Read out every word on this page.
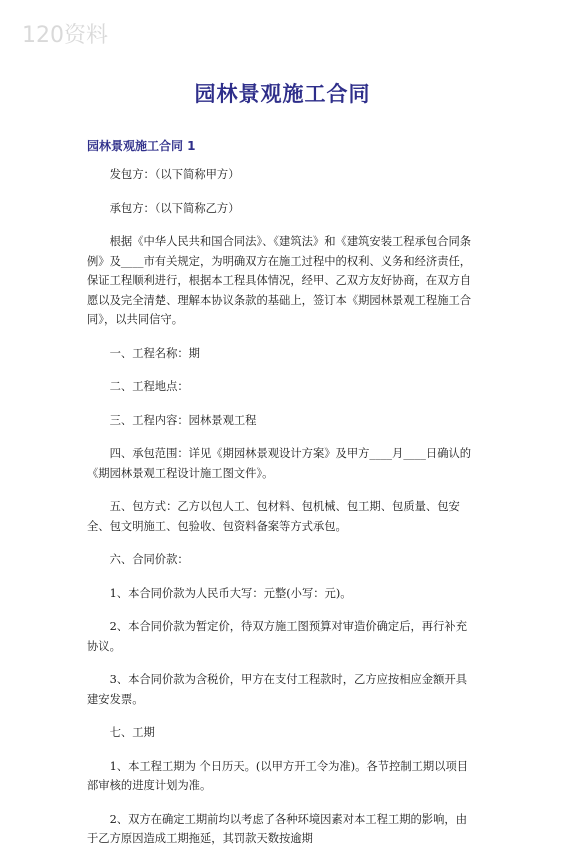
120资料
园林景观施工合同
园林景观施工合同 1

发包方：（以下简称甲方）

承包方：（以下简称乙方）

根据《中华人民共和国合同法》、《建筑法》和《建筑安装工程承包合同条例》及____市有关规定，为明确双方在施工过程中的权利、义务和经济责任，保证工程顺利进行，根据本工程具体情况，经甲、乙双方友好协商，在双方自愿以及完全清楚、理解本协议条款的基础上，签订本《期园林景观工程施工合同》，以共同信守。

一、工程名称：期

二、工程地点：

三、工程内容：园林景观工程

四、承包范围：详见《期园林景观设计方案》及甲方____月____日确认的《期园林景观工程设计施工图文件》。

五、包方式：乙方以包人工、包材料、包机械、包工期、包质量、包安全、包文明施工、包验收、包资料备案等方式承包。

六、合同价款：

1、本合同价款为人民币大写：元整(小写：元)。

2、本合同价款为暂定价，待双方施工图预算对审造价确定后，再行补充协议。

3、本合同价款为含税价，甲方在支付工程款时，乙方应按相应金额开具建安发票。

七、工期

1、本工程工期为 个日历天。(以甲方开工令为准)。各节控制工期以项目部审核的进度计划为准。

2、双方在确定工期前均以考虑了各种环境因素对本工程工期的影响，由于乙方原因造成工期拖延，其罚款天数按逾期
